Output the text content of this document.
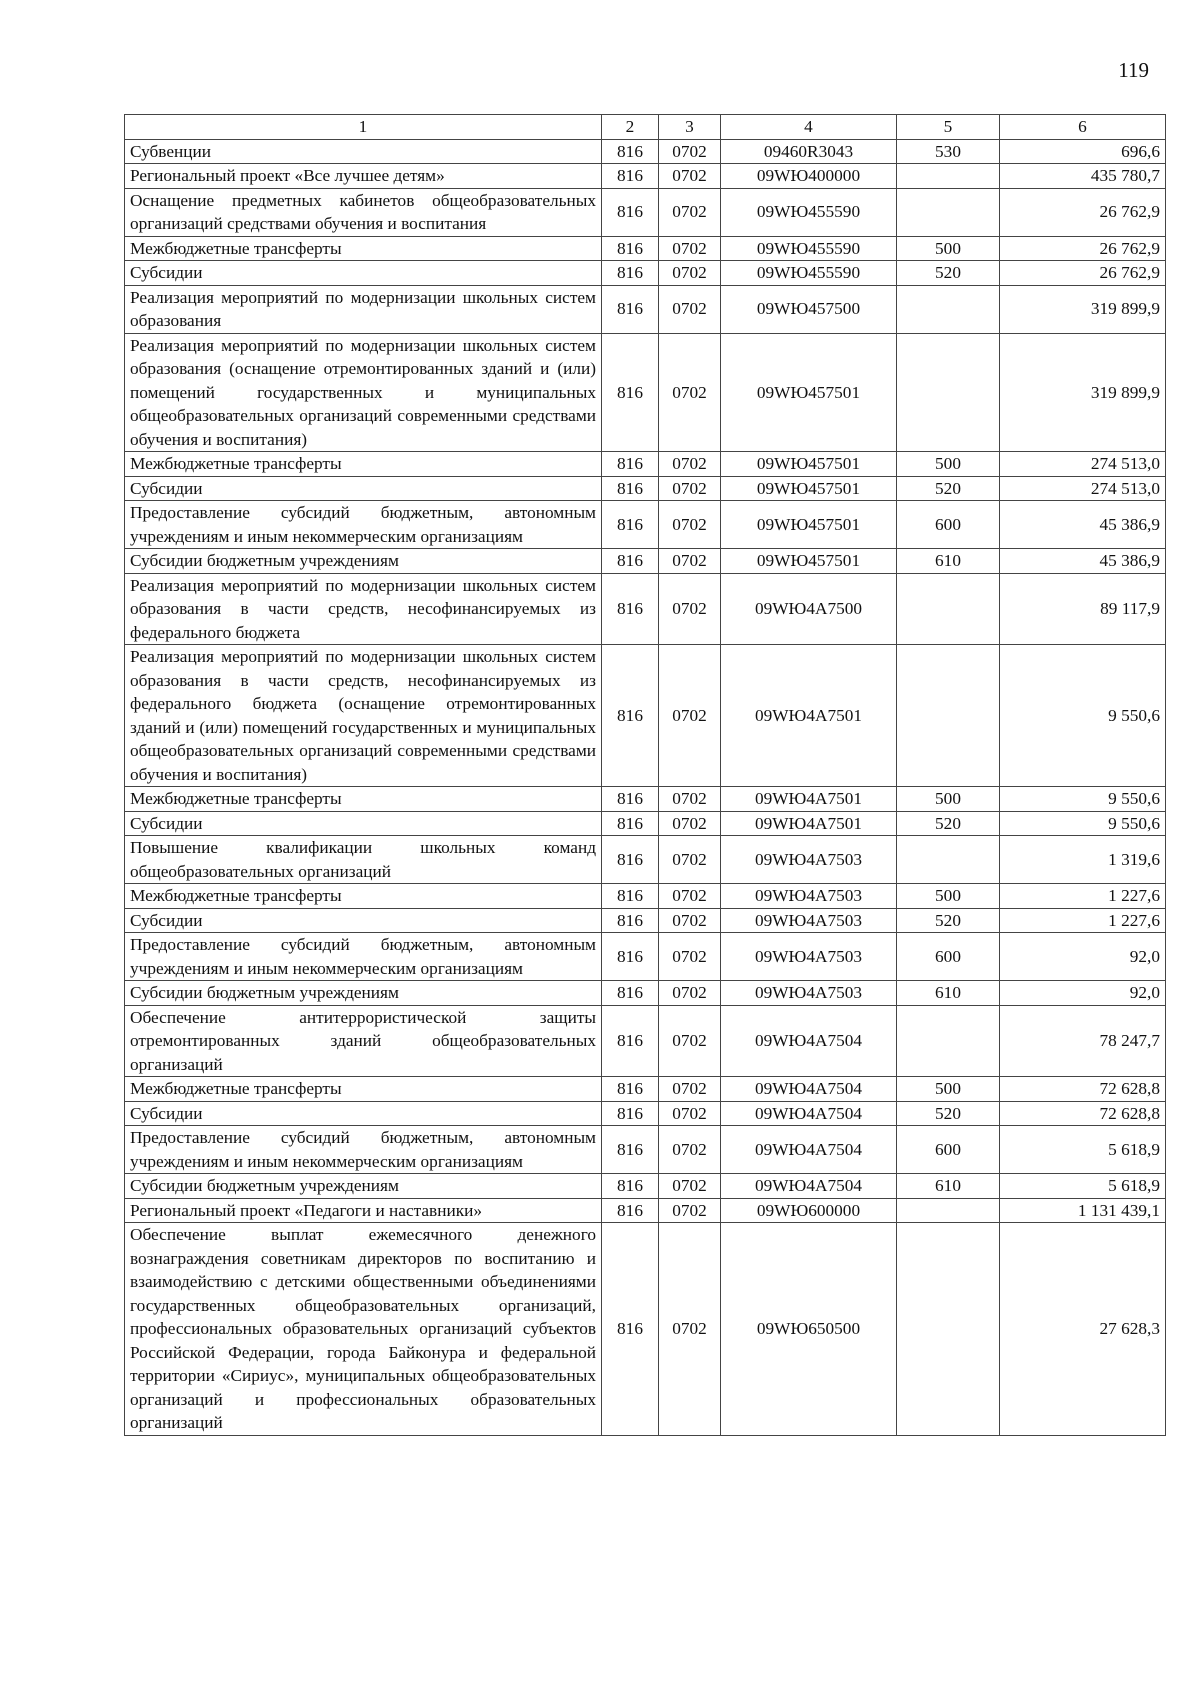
119
1	2	3	4	5	6
Субвенции	816	0702	09460R3043	530	696,6
Региональный проект «Все лучшее детям»	816	0702	09WЮ400000		435 780,7
Оснащение предметных кабинетов общеобразовательных организаций средствами обучения и воспитания	816	0702	09WЮ455590		26 762,9
Межбюджетные трансферты	816	0702	09WЮ455590	500	26 762,9
Субсидии	816	0702	09WЮ455590	520	26 762,9
Реализация мероприятий по модернизации школьных систем образования	816	0702	09WЮ457500		319 899,9
Реализация мероприятий по модернизации школьных систем образования (оснащение отремонтированных зданий и (или) помещений государственных и муниципальных общеобразовательных организаций современными средствами обучения и воспитания)	816	0702	09WЮ457501		319 899,9
Межбюджетные трансферты	816	0702	09WЮ457501	500	274 513,0
Субсидии	816	0702	09WЮ457501	520	274 513,0
Предоставление субсидий бюджетным, автономным учреждениям и иным некоммерческим организациям	816	0702	09WЮ457501	600	45 386,9
Субсидии бюджетным учреждениям	816	0702	09WЮ457501	610	45 386,9
Реализация мероприятий по модернизации школьных систем образования в части средств, несофинансируемых из федерального бюджета	816	0702	09WЮ4А7500		89 117,9
Реализация мероприятий по модернизации школьных систем образования в части средств, несофинансируемых из федерального бюджета (оснащение отремонтированных зданий и (или) помещений государственных и муниципальных общеобразовательных организаций современными средствами обучения и воспитания)	816	0702	09WЮ4А7501		9 550,6
Межбюджетные трансферты	816	0702	09WЮ4А7501	500	9 550,6
Субсидии	816	0702	09WЮ4А7501	520	9 550,6
Повышение квалификации школьных команд общеобразовательных организаций	816	0702	09WЮ4А7503		1 319,6
Межбюджетные трансферты	816	0702	09WЮ4А7503	500	1 227,6
Субсидии	816	0702	09WЮ4А7503	520	1 227,6
Предоставление субсидий бюджетным, автономным учреждениям и иным некоммерческим организациям	816	0702	09WЮ4А7503	600	92,0
Субсидии бюджетным учреждениям	816	0702	09WЮ4А7503	610	92,0
Обеспечение антитеррористической защиты отремонтированных зданий общеобразовательных организаций	816	0702	09WЮ4А7504		78 247,7
Межбюджетные трансферты	816	0702	09WЮ4А7504	500	72 628,8
Субсидии	816	0702	09WЮ4А7504	520	72 628,8
Предоставление субсидий бюджетным, автономным учреждениям и иным некоммерческим организациям	816	0702	09WЮ4А7504	600	5 618,9
Субсидии бюджетным учреждениям	816	0702	09WЮ4А7504	610	5 618,9
Региональный проект «Педагоги и наставники»	816	0702	09WЮ600000		1 131 439,1
Обеспечение выплат ежемесячного денежного вознаграждения советникам директоров по воспитанию и взаимодействию с детскими общественными объединениями государственных общеобразовательных организаций, профессиональных образовательных организаций субъектов Российской Федерации, города Байконура и федеральной территории «Сириус», муниципальных общеобразовательных организаций и профессиональных образовательных организаций	816	0702	09WЮ650500		27 628,3
